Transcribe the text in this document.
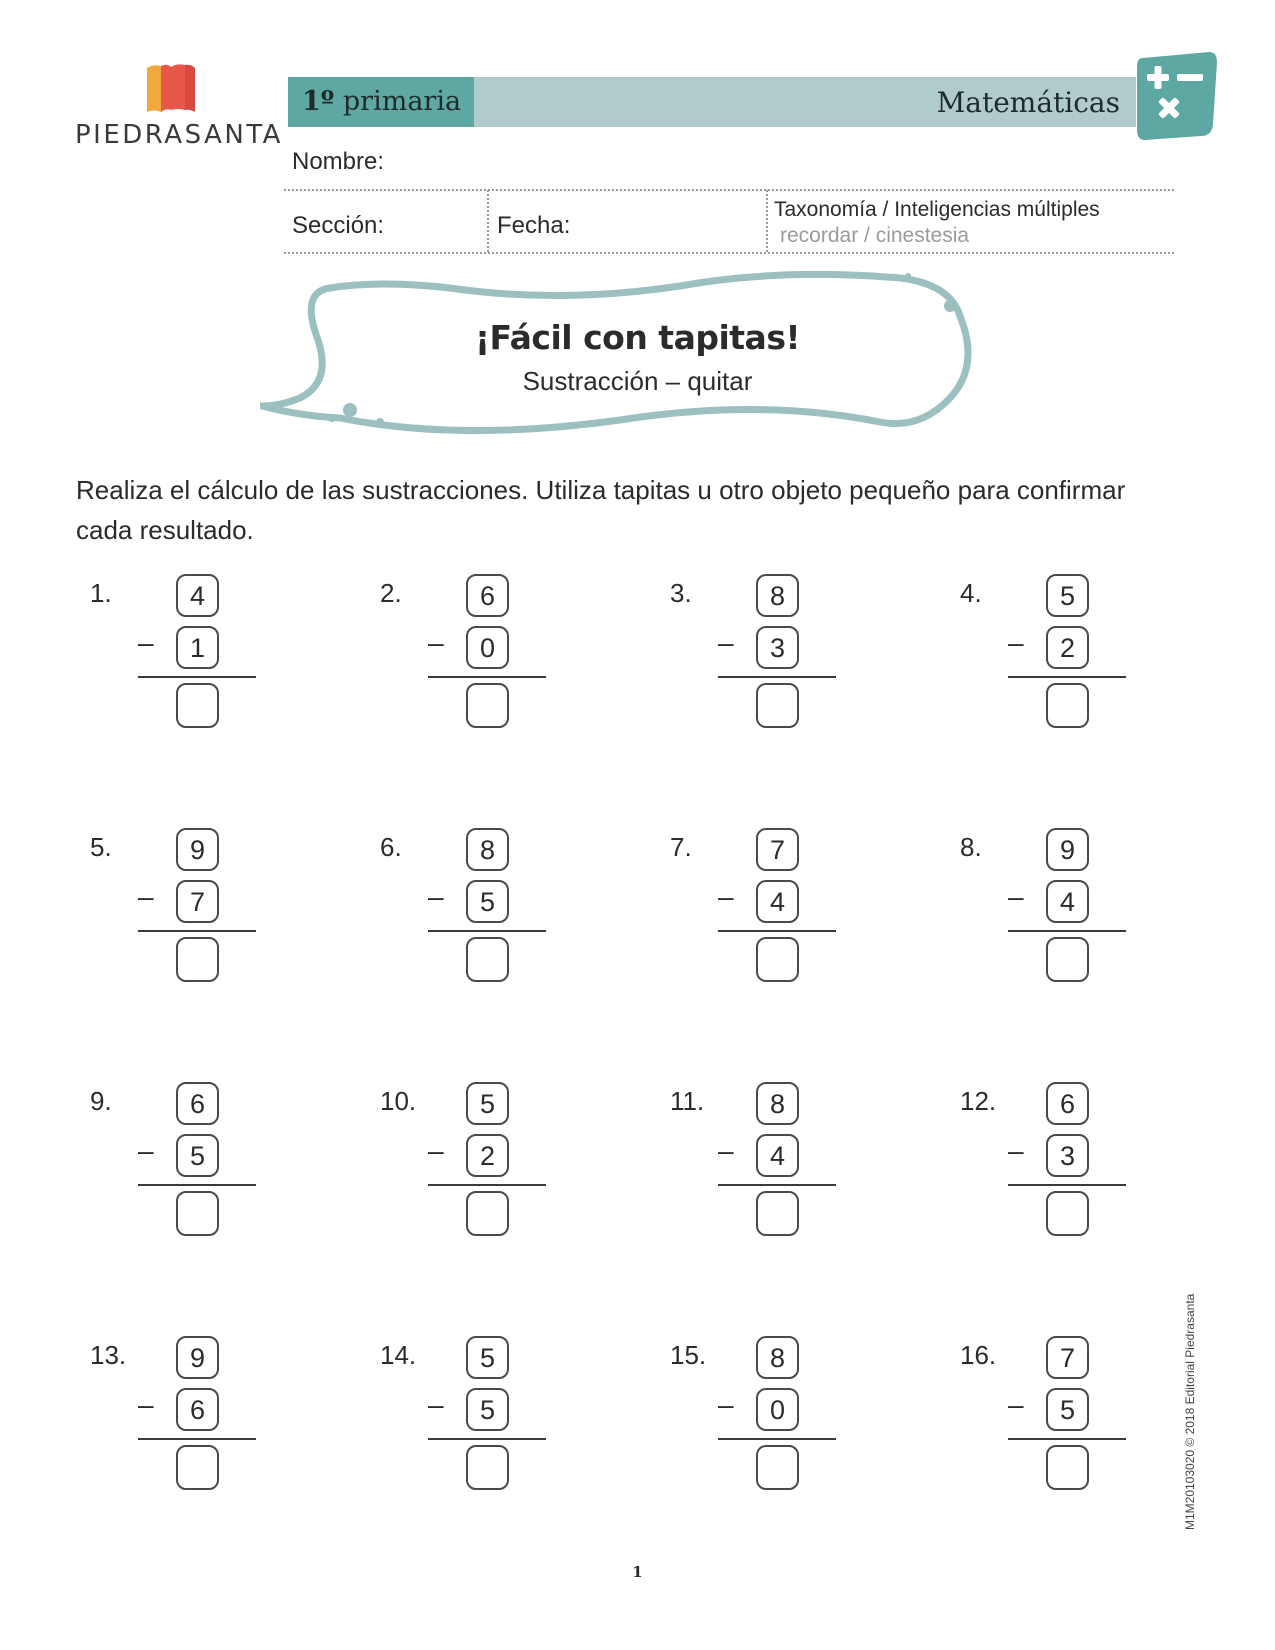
PIEDRASANTA
1º primaria	Matemáticas
Nombre:
Sección:	Fecha:
Taxonomía / Inteligencias múltiples
recordar / cinestesia
¡Fácil con tapitas!
Sustracción – quitar
Realiza el cálculo de las sustracciones. Utiliza tapitas u otro objeto pequeño para confirmar cada resultado.
1.	4
–	1
2.	6
–	0
3.	8
–	3
4.	5
–	2
5.	9
–	7
6.	8
–	5
7.	7
–	4
8.	9
–	4
9.	6
–	5
10.	5
–	2
11.	8
–	4
12.	6
–	3
13.	9
–	6
14.	5
–	5
15.	8
–	0
16.	7
–	5	M1M20103020 © 2018 Editorial Piedrasanta
1
